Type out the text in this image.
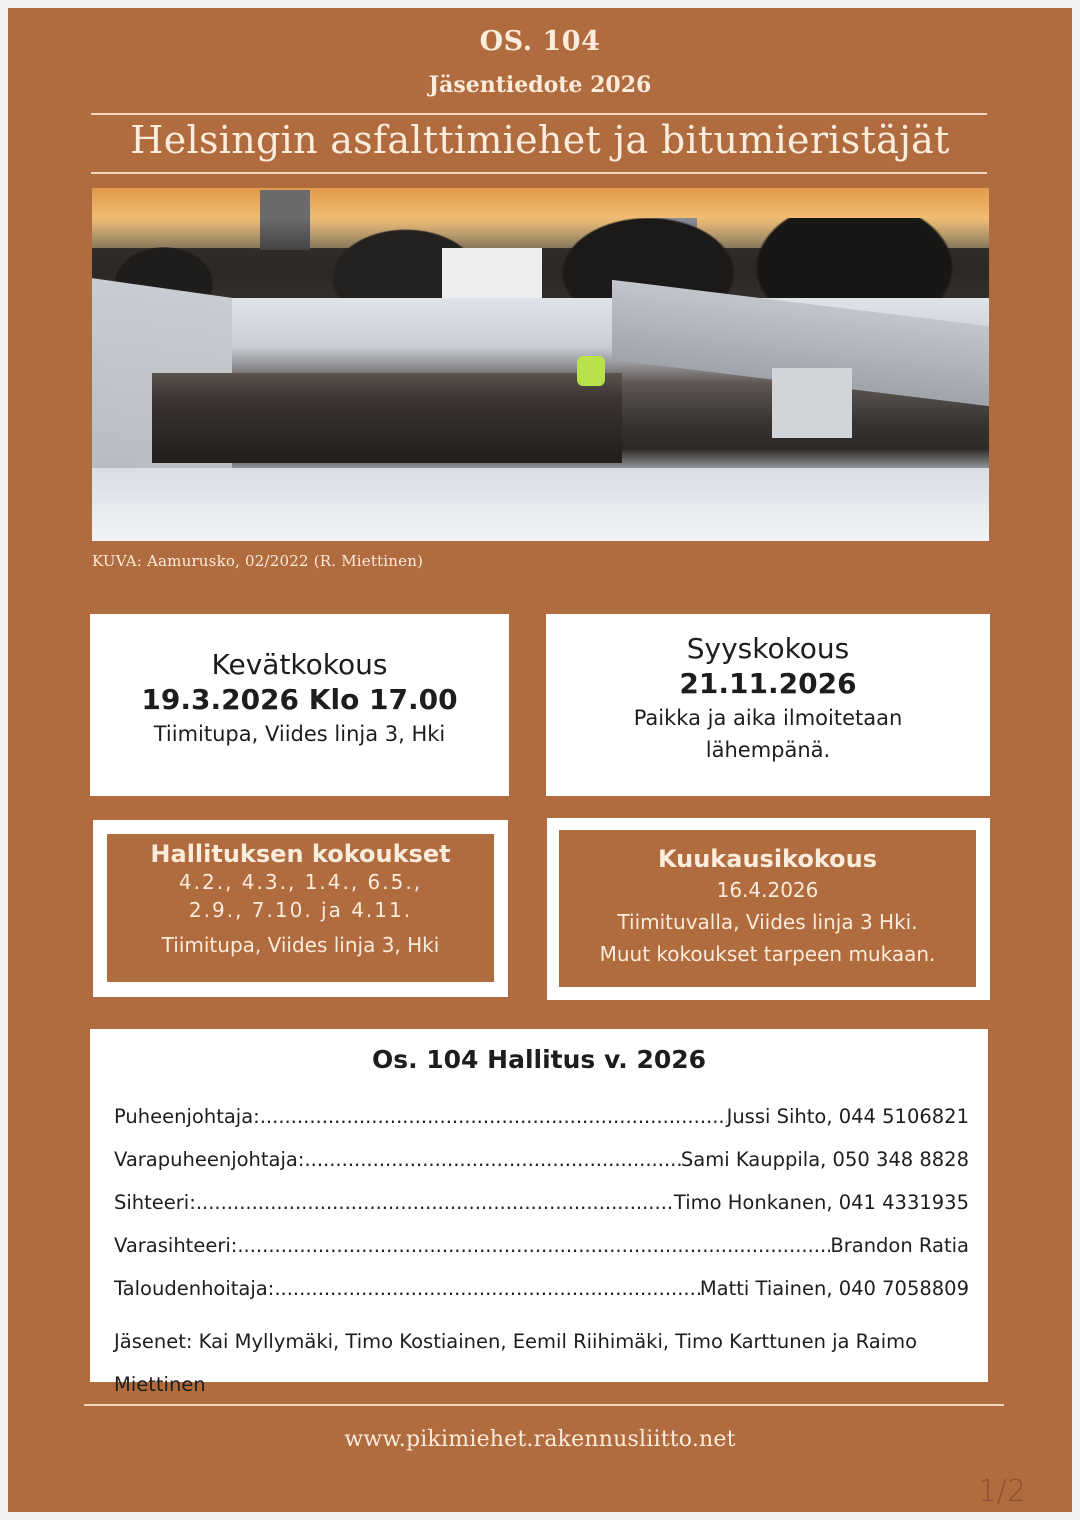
OS. 104
Jäsentiedote 2026
Helsingin asfalttimiehet ja bitumieristäjät
KUVA: Aamurusko, 02/2022 (R. Miettinen)
Kevätkokous
19.3.2026 Klo 17.00
Tiimitupa, Viides linja 3, Hki
Syyskokous
21.11.2026
Paikka ja aika ilmoitetaan
lähempänä.
Hallituksen kokoukset
4.2., 4.3., 1.4., 6.5.,
2.9., 7.10. ja 4.11.
Tiimitupa, Viides linja 3, Hki
Kuukausikokous
16.4.2026
Tiimituvalla, Viides linja 3 Hki.
Muut kokoukset tarpeen mukaan.
Os. 104 Hallitus v. 2026
Puheenjohtaja: .....	Jussi Sihto, 044 5106821
Varapuheenjohtaja: .....	Sami Kauppila, 050 348 8828
Sihteeri: .....	Timo Honkanen, 041 4331935
Varasihteeri: .....	Brandon Ratia
Taloudenhoitaja: .....	Matti Tiainen, 040 7058809
Jäsenet: Kai Myllymäki, Timo Kostiainen, Eemil Riihimäki, Timo Karttunen ja Raimo
Miettinen
www.pikimiehet.rakennusliitto.net
1/2
